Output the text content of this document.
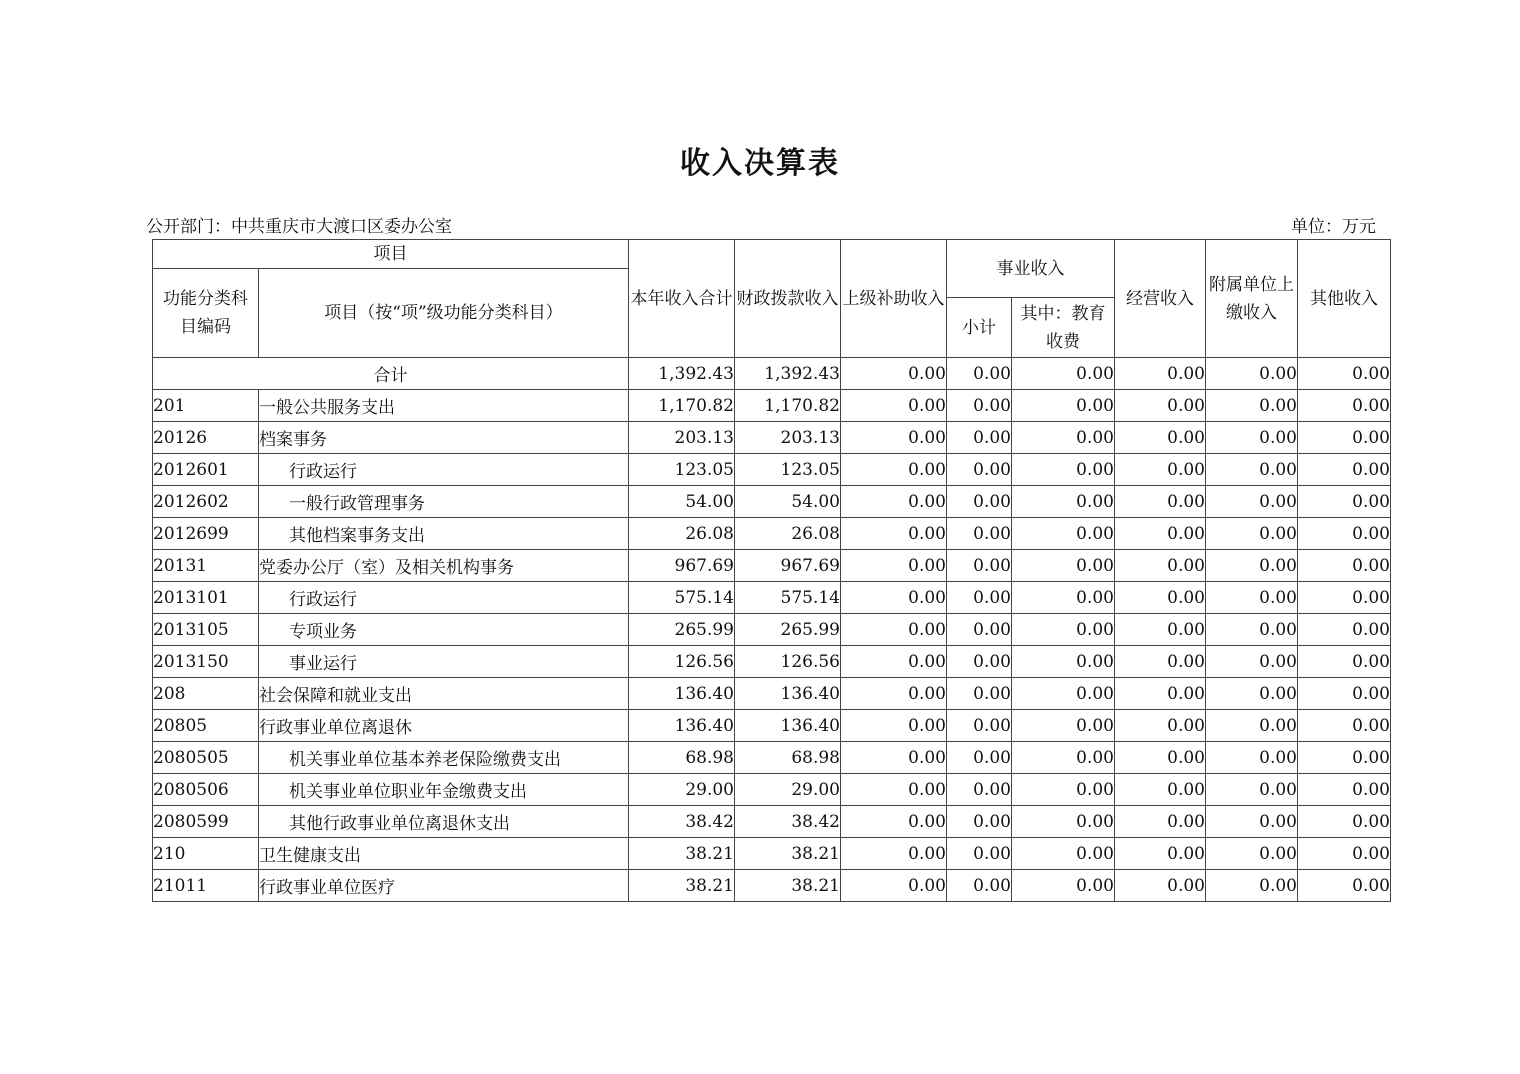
收入决算表
公开部门：中共重庆市大渡口区委办公室	单位：万元
项目		本年收入合计	财政拨款收入	上级补助收入	事业收入		经营收入	附属单位上缴收入	其他收入
功能分类科目编码	项目（按“项”级功能分类科目）								
					小计	其中：教育收费			
合计		1,392.43	1,392.43	0.00	0.00	0.00	0.00	0.00	0.00
201	一般公共服务支出	1,170.82	1,170.82	0.00	0.00	0.00	0.00	0.00	0.00
20126	档案事务	203.13	203.13	0.00	0.00	0.00	0.00	0.00	0.00
2012601	行政运行	123.05	123.05	0.00	0.00	0.00	0.00	0.00	0.00
2012602	一般行政管理事务	54.00	54.00	0.00	0.00	0.00	0.00	0.00	0.00
2012699	其他档案事务支出	26.08	26.08	0.00	0.00	0.00	0.00	0.00	0.00
20131	党委办公厅（室）及相关机构事务	967.69	967.69	0.00	0.00	0.00	0.00	0.00	0.00
2013101	行政运行	575.14	575.14	0.00	0.00	0.00	0.00	0.00	0.00
2013105	专项业务	265.99	265.99	0.00	0.00	0.00	0.00	0.00	0.00
2013150	事业运行	126.56	126.56	0.00	0.00	0.00	0.00	0.00	0.00
208	社会保障和就业支出	136.40	136.40	0.00	0.00	0.00	0.00	0.00	0.00
20805	行政事业单位离退休	136.40	136.40	0.00	0.00	0.00	0.00	0.00	0.00
2080505	机关事业单位基本养老保险缴费支出	68.98	68.98	0.00	0.00	0.00	0.00	0.00	0.00
2080506	机关事业单位职业年金缴费支出	29.00	29.00	0.00	0.00	0.00	0.00	0.00	0.00
2080599	其他行政事业单位离退休支出	38.42	38.42	0.00	0.00	0.00	0.00	0.00	0.00
210	卫生健康支出	38.21	38.21	0.00	0.00	0.00	0.00	0.00	0.00
21011	行政事业单位医疗	38.21	38.21	0.00	0.00	0.00	0.00	0.00	0.00
